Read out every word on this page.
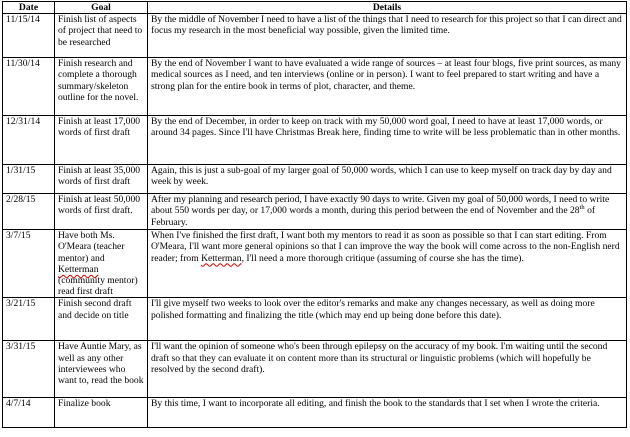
Date	Goal	Details
11/15/14	Finish list of aspects of project that need to be researched	By the middle of November I need to have a list of the things that I need to research for this project so that I can direct and focus my research in the most beneficial way possible, given the limited time.
11/30/14	Finish research and complete a thorough summary/skeleton outline for the novel.	By the end of November I want to have evaluated a wide range of sources – at least four blogs, five print sources, as many medical sources as I need, and ten interviews (online or in person). I want to feel prepared to start writing and have a strong plan for the entire book in terms of plot, character, and theme.
12/31/14	Finish at least 17,000 words of first draft	By the end of December, in order to keep on track with my 50,000 word goal, I need to have at least 17,000 words, or around 34 pages. Since I'll have Christmas Break here, finding time to write will be less problematic than in other months.
1/31/15	Finish at least 35,000 words of first draft	Again, this is just a sub-goal of my larger goal of 50,000 words, which I can use to keep myself on track day by day and week by week.
2/28/15	Finish at least 50,000 words of first draft.	After my planning and research period, I have exactly 90 days to write. Given my goal of 50,000 words, I need to write about 550 words per day, or 17,000 words a month, during this period between the end of November and the 28th of February.
3/7/15	Have both Ms. O'Meara (teacher mentor) and Ketterman (community mentor) read first draft	When I've finished the first draft, I want both my mentors to read it as soon as possible so that I can start editing. From O'Meara, I'll want more general opinions so that I can improve the way the book will come across to the non-English nerd reader; from Ketterman, I'll need a more thorough critique (assuming of course she has the time).
3/21/15	Finish second draft and decide on title	I'll give myself two weeks to look over the editor's remarks and make any changes necessary, as well as doing more polished formatting and finalizing the title (which may end up being done before this date).
3/31/15	Have Auntie Mary, as well as any other interviewees who want to, read the book	I'll want the opinion of someone who's been through epilepsy on the accuracy of my book. I'm waiting until the second draft so that they can evaluate it on content more than its structural or linguistic problems (which will hopefully be resolved by the second draft).
4/7/14	Finalize book	By this time, I want to incorporate all editing, and finish the book to the standards that I set when I wrote the criteria.
